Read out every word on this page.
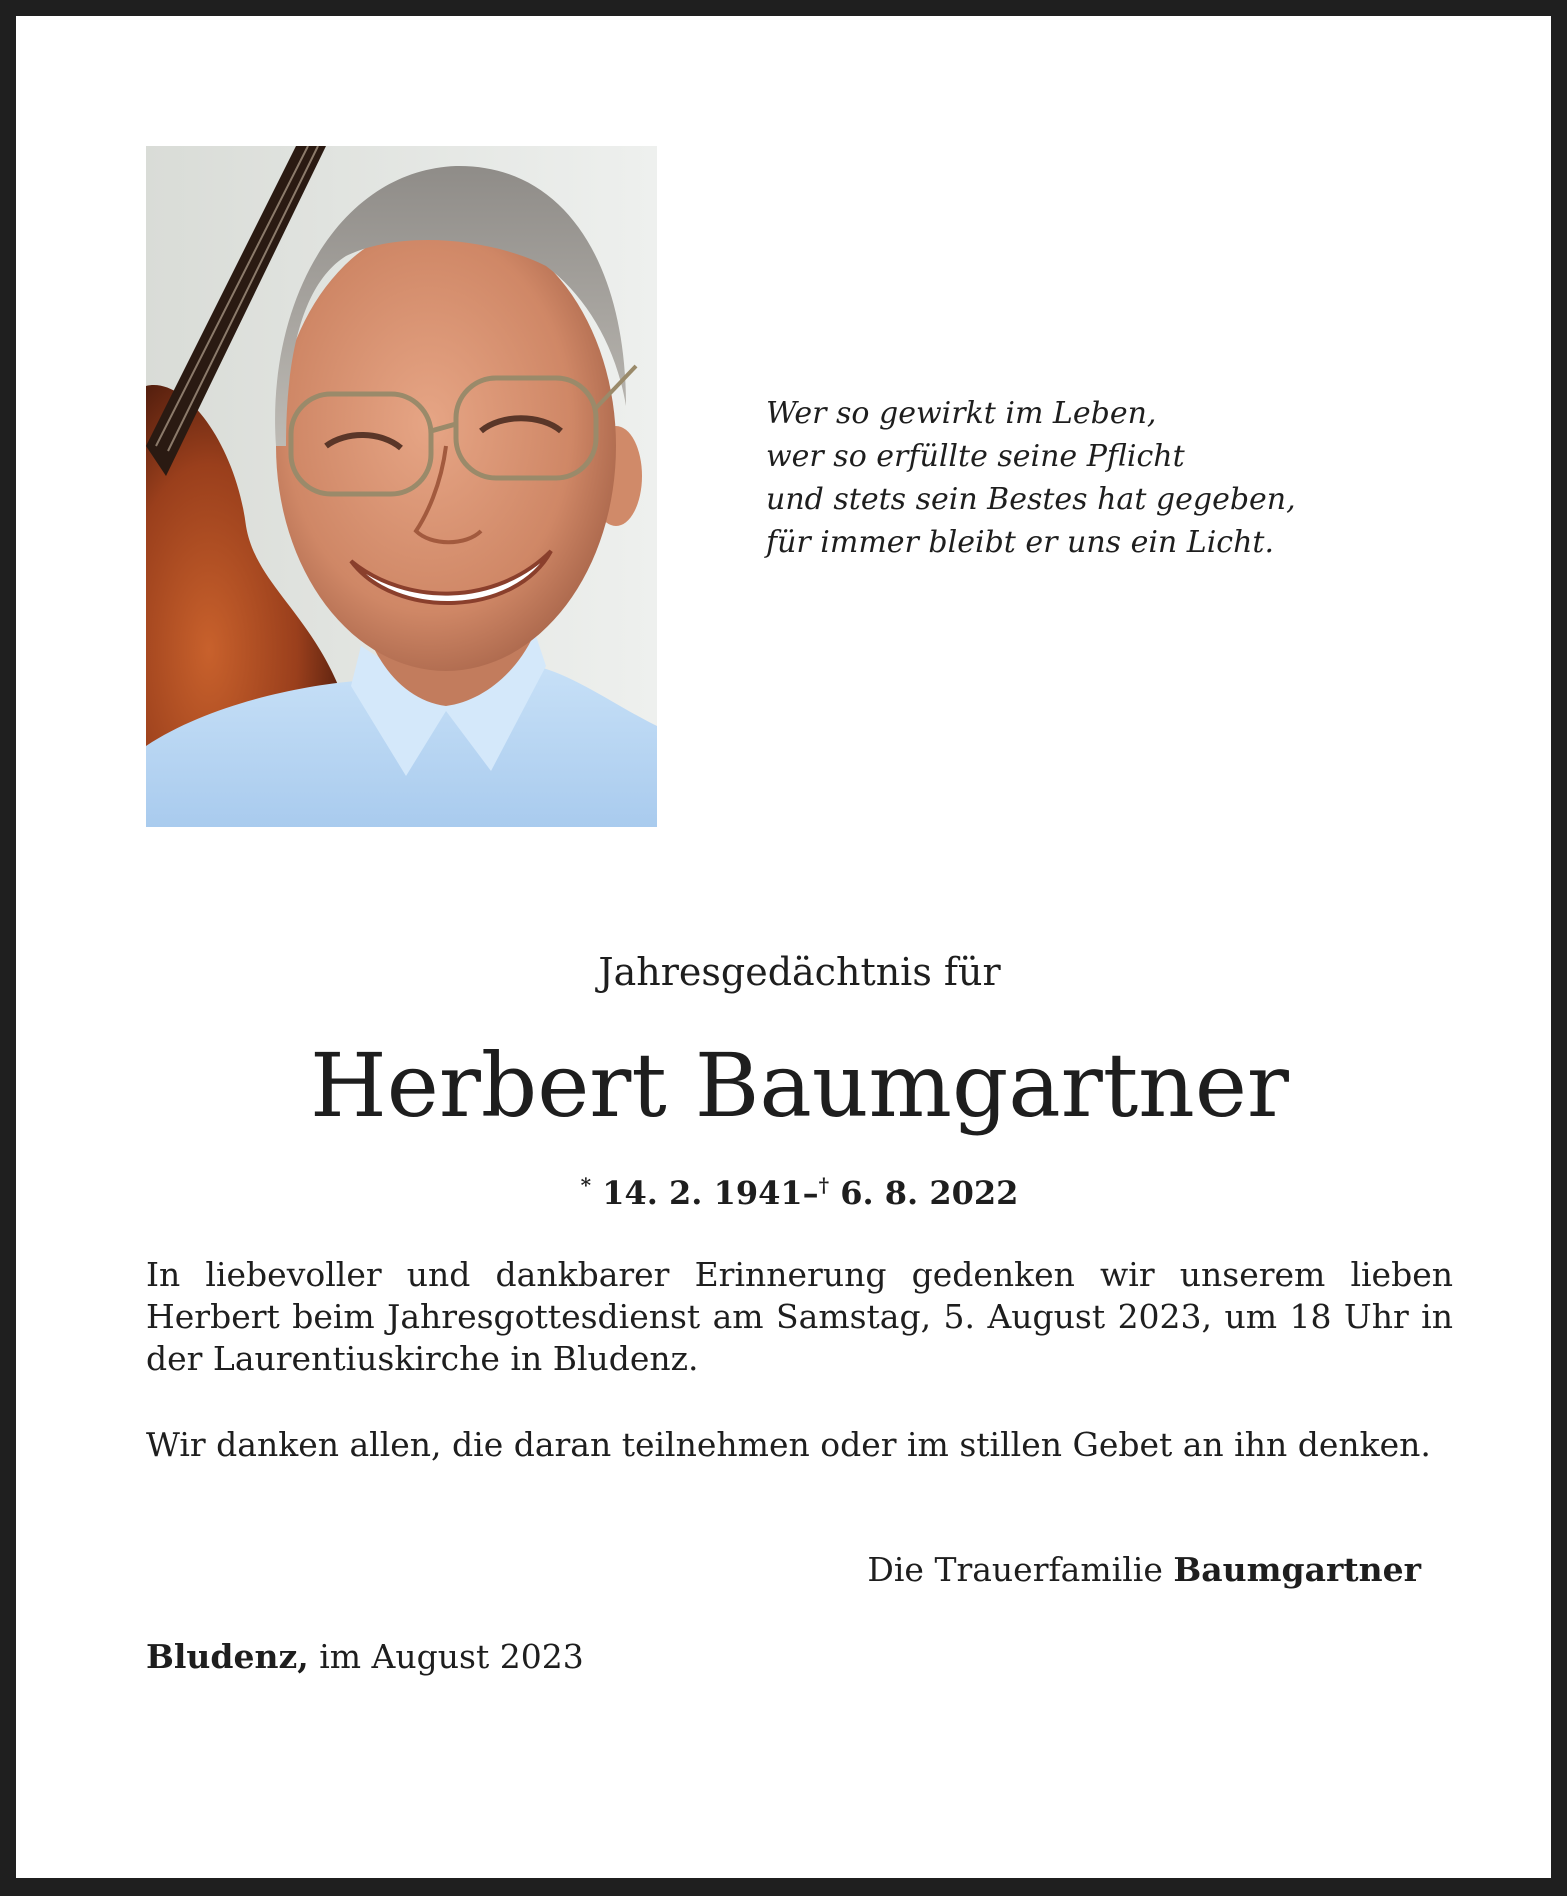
Wer so gewirkt im Leben,
wer so erfüllte seine Pflicht
und stets sein Bestes hat gegeben,
für immer bleibt er uns ein Licht.
Jahresgedächtnis für
Herbert Baumgartner
* 14. 2. 1941–† 6. 8. 2022
In liebevoller und dankbarer Erinnerung gedenken wir unserem lieben Herbert beim Jahresgottesdienst am Samstag, 5. August 2023, um 18 Uhr in der Laurentiuskirche in Bludenz.
Wir danken allen, die daran teilnehmen oder im stillen Gebet an ihn denken.
Die Trauerfamilie Baumgartner
Bludenz, im August 2023
